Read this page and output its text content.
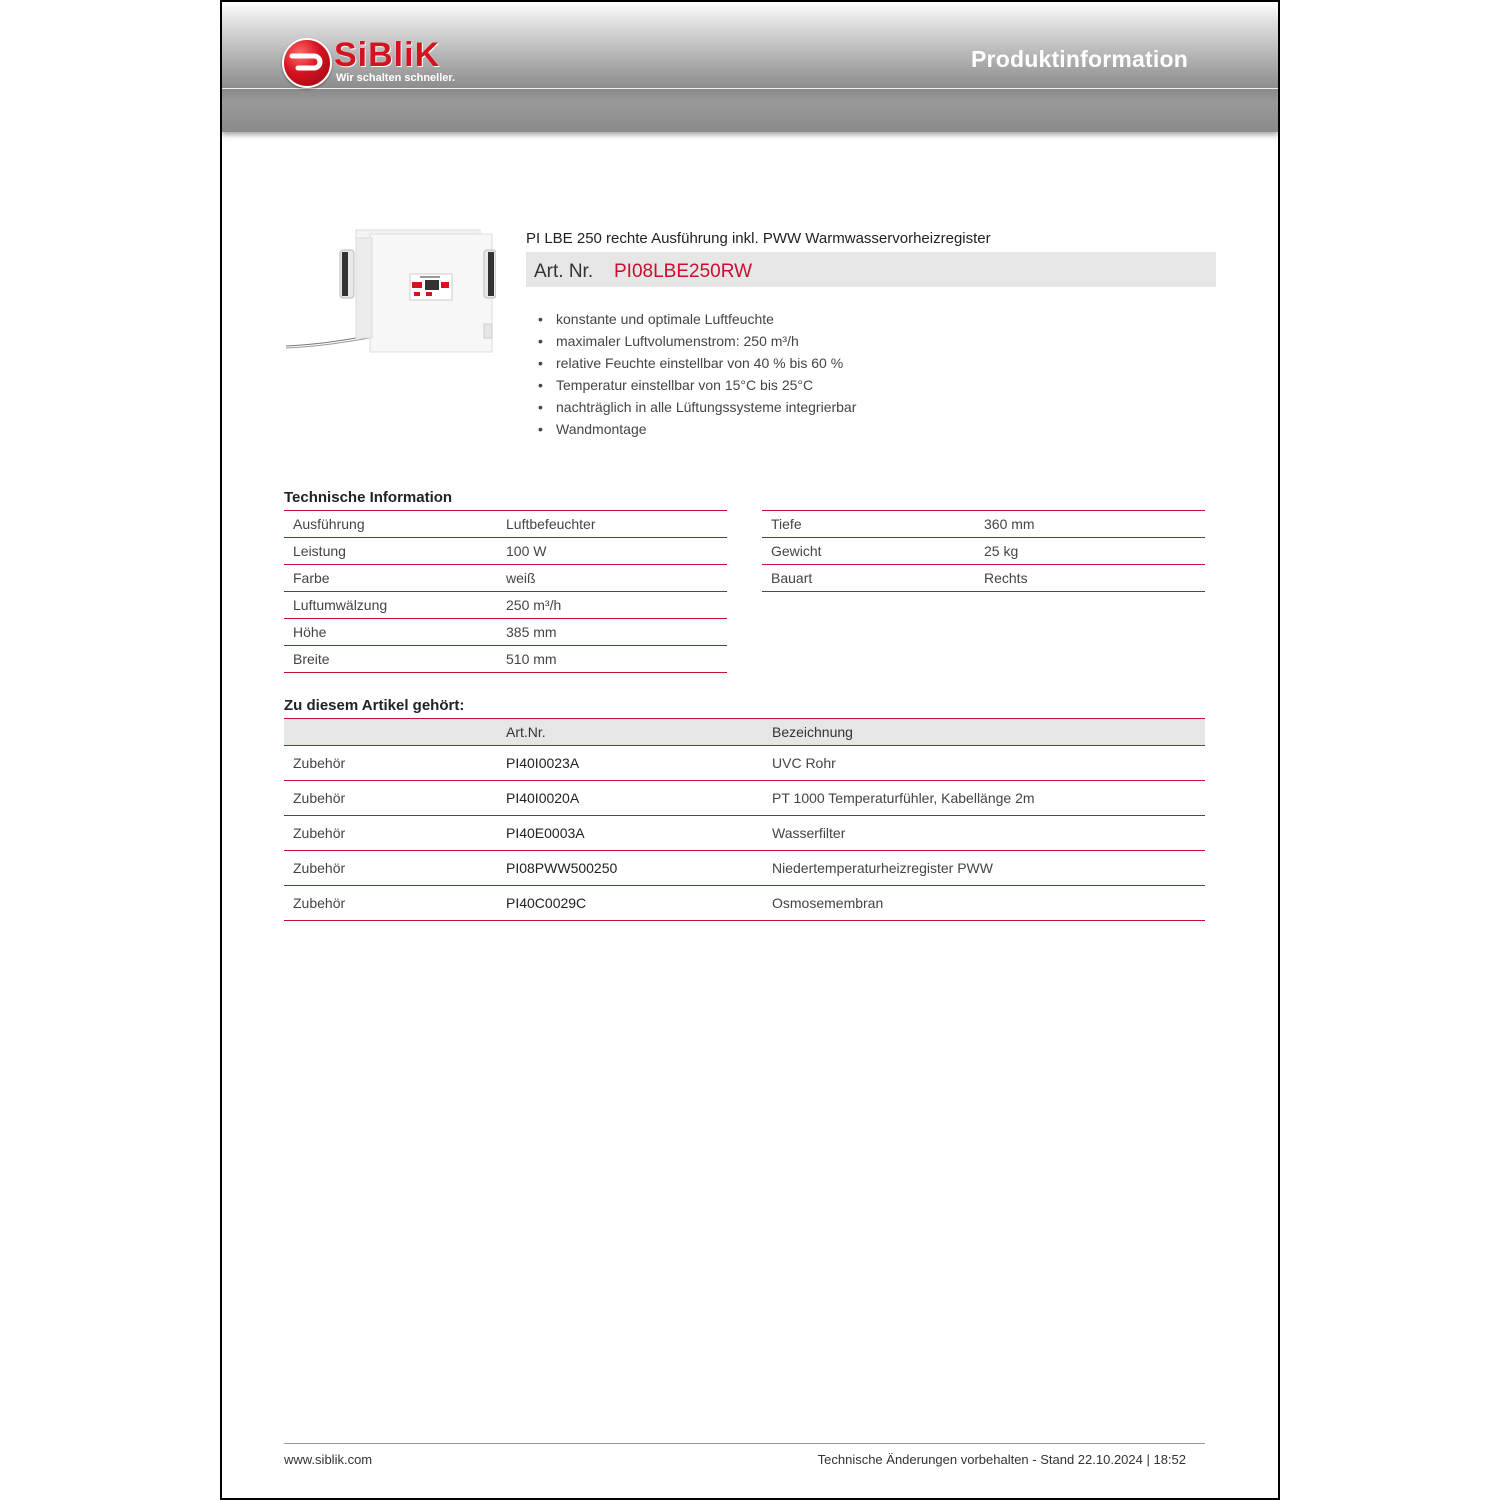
SiBliK
Wir schalten schneller.
Produktinformation
PI LBE 250 rechte Ausführung inkl. PWW Warmwasservorheizregister
Art. Nr. PI08LBE250RW
• konstante und optimale Luftfeuchte
• maximaler Luftvolumenstrom: 250 m³/h
• relative Feuchte einstellbar von 40 % bis 60 %
• Temperatur einstellbar von 15°C bis 25°C
• nachträglich in alle Lüftungssysteme integrierbar
• Wandmontage
Technische Information
Ausführung	Luftbefeuchter
Leistung	100 W
Farbe	weiß
Luftumwälzung	250 m³/h
Höhe	385 mm
Breite	510 mm
Tiefe	360 mm
Gewicht	25 kg
Bauart	Rechts
Zu diesem Artikel gehört:
	Art.Nr.	Bezeichnung
Zubehör	PI40I0023A	UVC Rohr
Zubehör	PI40I0020A	PT 1000 Temperaturfühler, Kabellänge 2m
Zubehör	PI40E0003A	Wasserfilter
Zubehör	PI08PWW500250	Niedertemperaturheizregister PWW
Zubehör	PI40C0029C	Osmosemembran
www.siblik.com	Technische Änderungen vorbehalten - Stand 22.10.2024 | 18:52
